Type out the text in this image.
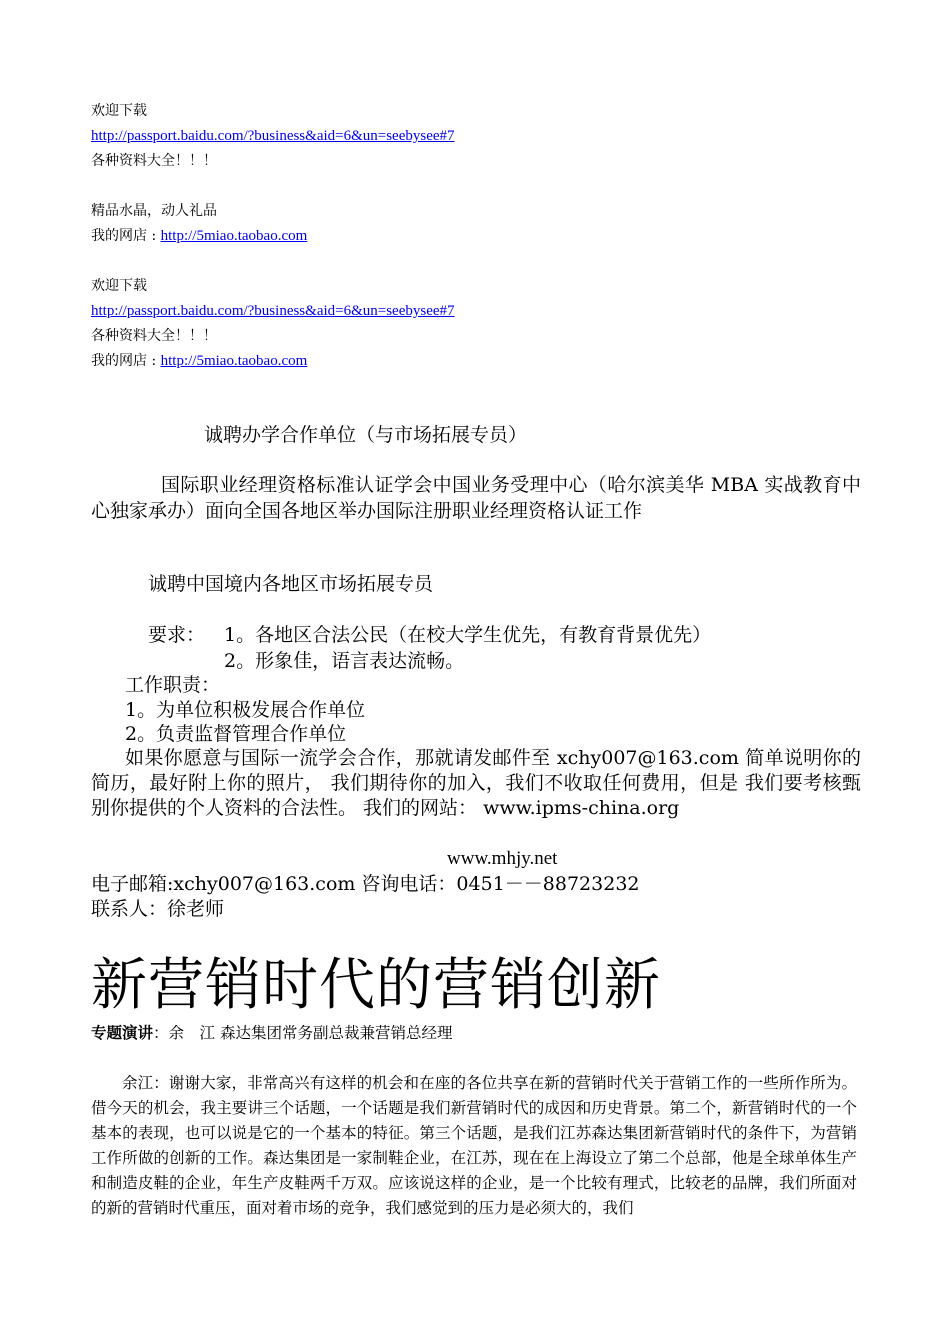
欢迎下载

http://passport.baidu.com/?business&aid=6&un=seebysee#7

各种资料大全！！！

精品水晶，动人礼品

我的网店 : http://5miao.taobao.com

欢迎下载

http://passport.baidu.com/?business&aid=6&un=seebysee#7

各种资料大全！！！

我的网店 : http://5miao.taobao.com

诚聘办学合作单位（与市场拓展专员）

国际职业经理资格标准认证学会中国业务受理中心（哈尔滨美华 MBA 实战教育中心独家承办）面向全国各地区举办国际注册职业经理资格认证工作

诚聘中国境内各地区市场拓展专员

要求： 1。各地区合法公民（在校大学生优先，有教育背景优先）

2。形象佳，语言表达流畅。

工作职责：

1。为单位积极发展合作单位

2。负责监督管理合作单位

如果你愿意与国际一流学会合作，那就请发邮件至 xchy007@163.com 简单说明你的简历，最好附上你的照片， 我们期待你的加入，我们不收取任何费用，但是 我们要考核甄别你提供的个人资料的合法性。 我们的网站： www.ipms-china.org

www.mhjy.net

电子邮箱:xchy007@163.com 咨询电话：0451－－88723232

联系人：徐老师

新营销时代的营销创新

专题演讲：余　江 森达集团常务副总裁兼营销总经理

余江：谢谢大家，非常高兴有这样的机会和在座的各位共享在新的营销时代关于营销工作的一些所作所为。借今天的机会，我主要讲三个话题，一个话题是我们新营销时代的成因和历史背景。第二个，新营销时代的一个基本的表现，也可以说是它的一个基本的特征。第三个话题，是我们江苏森达集团新营销时代的条件下，为营销工作所做的创新的工作。森达集团是一家制鞋企业，在江苏，现在在上海设立了第二个总部，他是全球单体生产和制造皮鞋的企业，年生产皮鞋两千万双。应该说这样的企业，是一个比较有理式，比较老的品牌，我们所面对的新的营销时代重压，面对着市场的竞争，我们感觉到的压力是必须大的，我们
